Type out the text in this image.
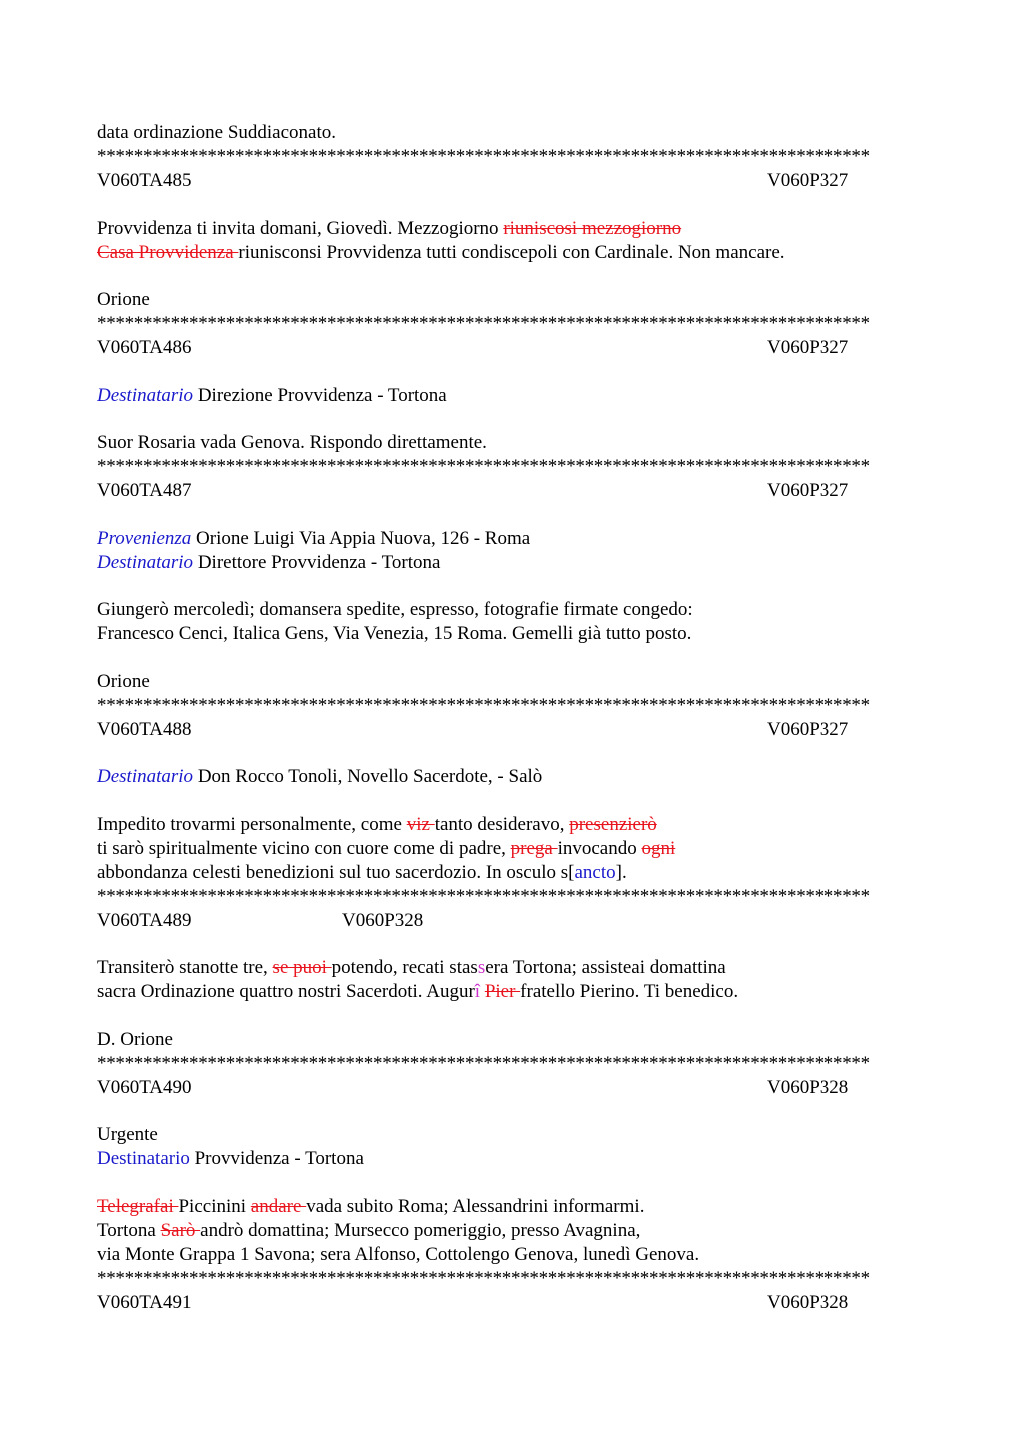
data ordinazione Suddiaconato.
************************************************************************************
V060TA485	V060P327
Provvidenza ti invita domani, Giovedì. Mezzogiorno riuniscosi mezzogiorno
Casa Provvidenza riunisconsi Provvidenza tutti condiscepoli con Cardinale. Non mancare.
Orione
************************************************************************************
V060TA486	V060P327
Destinatario Direzione Provvidenza - Tortona
Suor Rosaria vada Genova. Rispondo direttamente.
************************************************************************************
V060TA487	V060P327
Provenienza Orione Luigi Via Appia Nuova, 126 - Roma
Destinatario Direttore Provvidenza - Tortona
Giungerò mercoledì; domansera spedite, espresso, fotografie firmate congedo:
Francesco Cenci, Italica Gens, Via Venezia, 15 Roma. Gemelli già tutto posto.
Orione
************************************************************************************
V060TA488	V060P327
Destinatario Don Rocco Tonoli, Novello Sacerdote, - Salò
Impedito trovarmi personalmente, come viz tanto desideravo, presenzierò
ti sarò spiritualmente vicino con cuore come di padre, prega invocando ogni
abbondanza celesti benedizioni sul tuo sacerdozio. In osculo s[ancto].
************************************************************************************
V060TA489	V060P328
Transiterò stanotte tre, se puoi potendo, recati stassera Tortona; assisteai domattina
sacra Ordinazione quattro nostri Sacerdoti. Augurî Pier fratello Pierino. Ti benedico.
D. Orione
************************************************************************************
V060TA490	V060P328
Urgente
Destinatario Provvidenza - Tortona
Telegrafai Piccinini andare vada subito Roma; Alessandrini informarmi.
Tortona Sarò andrò domattina; Mursecco pomeriggio, presso Avagnina,
via Monte Grappa 1 Savona; sera Alfonso, Cottolengo Genova, lunedì Genova.
************************************************************************************
V060TA491	V060P328
